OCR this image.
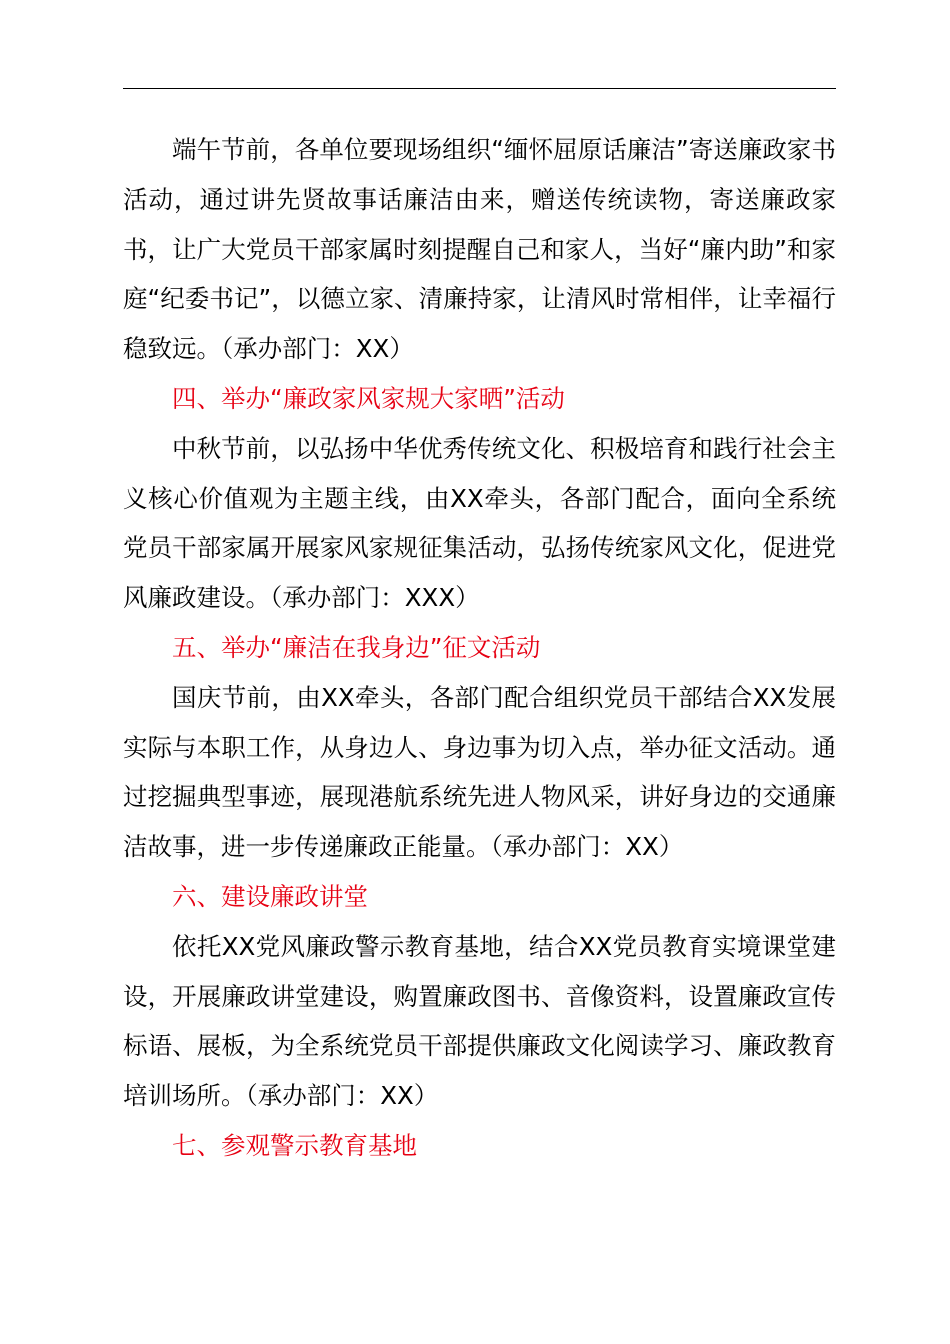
端午节前，各单位要现场组织“缅怀屈原话廉洁”寄送廉政家书活动，通过讲先贤故事话廉洁由来，赠送传统读物，寄送廉政家书，让广大党员干部家属时刻提醒自己和家人，当好“廉内助”和家庭“纪委书记”，以德立家、清廉持家，让清风时常相伴，让幸福行稳致远。（承办部门：XX）

四、举办“廉政家风家规大家晒”活动

中秋节前，以弘扬中华优秀传统文化、积极培育和践行社会主义核心价值观为主题主线，由XX牵头，各部门配合，面向全系统党员干部家属开展家风家规征集活动，弘扬传统家风文化，促进党风廉政建设。（承办部门：XXX）

五、举办“廉洁在我身边”征文活动

国庆节前，由XX牵头，各部门配合组织党员干部结合XX发展实际与本职工作，从身边人、身边事为切入点，举办征文活动。通过挖掘典型事迹，展现港航系统先进人物风采，讲好身边的交通廉洁故事，进一步传递廉政正能量。（承办部门：XX）

六、建设廉政讲堂

依托XX党风廉政警示教育基地，结合XX党员教育实境课堂建设，开展廉政讲堂建设，购置廉政图书、音像资料，设置廉政宣传标语、展板，为全系统党员干部提供廉政文化阅读学习、廉政教育培训场所。（承办部门：XX）

七、参观警示教育基地
